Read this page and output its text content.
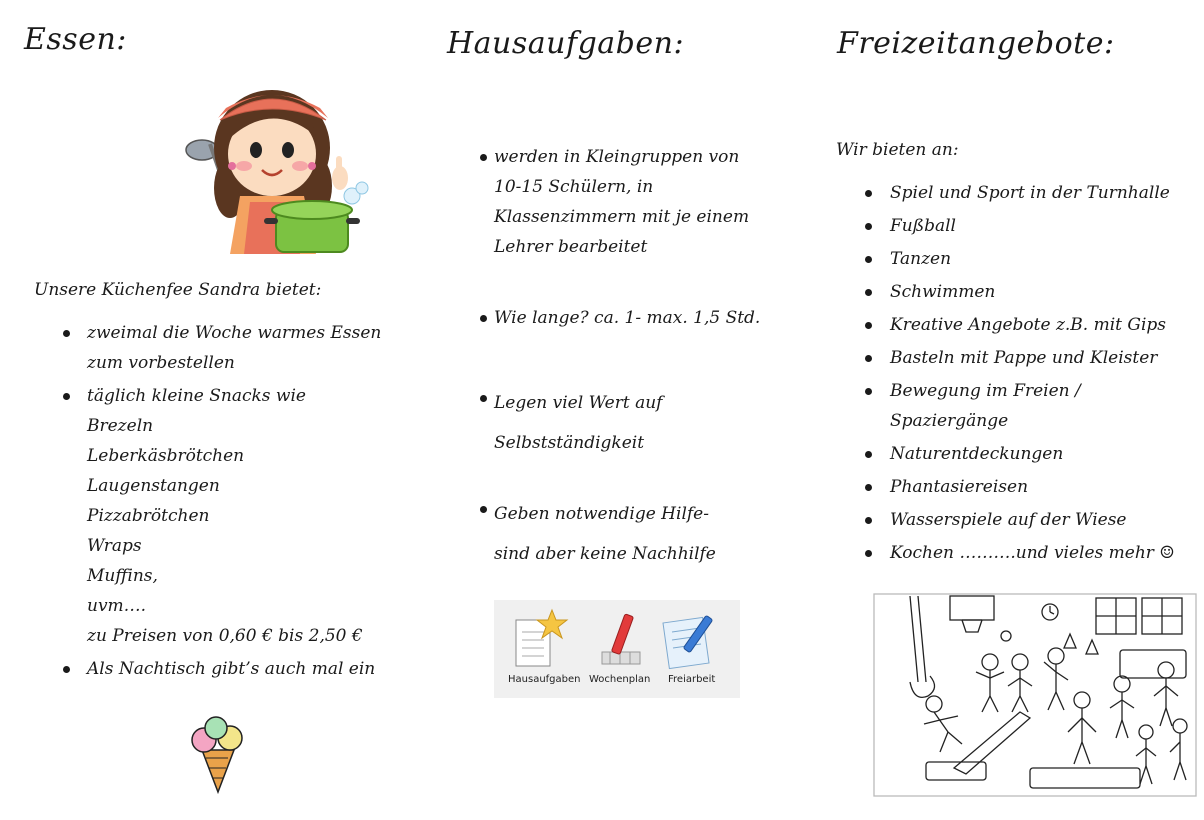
Essen:

Unsere Küchenfee Sandra bietet:

zweimal die Woche warmes Essen
zum vorbestellen
täglich kleine Snacks wie
Brezeln
Leberkäsbrötchen
Laugenstangen
Pizzabrötchen
Wraps
Muffins,
uvm….
zu Preisen von 0,60 € bis 2,50 €
Als Nachtisch gibt’s auch mal ein
Hausaufgaben:
werden in Kleingruppen von
10-15 Schülern, in
Klassenzimmern mit je einem
Lehrer bearbeitet
Wie lange? ca. 1- max. 1,5 Std.
Legen viel Wert auf
Selbstständigkeit
Geben notwendige Hilfe-
sind aber keine Nachhilfe
Hausaufgaben Wochenplan Freiarbeit
Freizeitangebote:

Wir bieten an:

Spiel und Sport in der Turnhalle
Fußball
Tanzen
Schwimmen
Kreative Angebote z.B. mit Gips
Basteln mit Pappe und Kleister
Bewegung im Freien /
Spaziergänge
Naturentdeckungen
Phantasiereisen
Wasserspiele auf der Wiese
Kochen ……….und vieles mehr ☺
